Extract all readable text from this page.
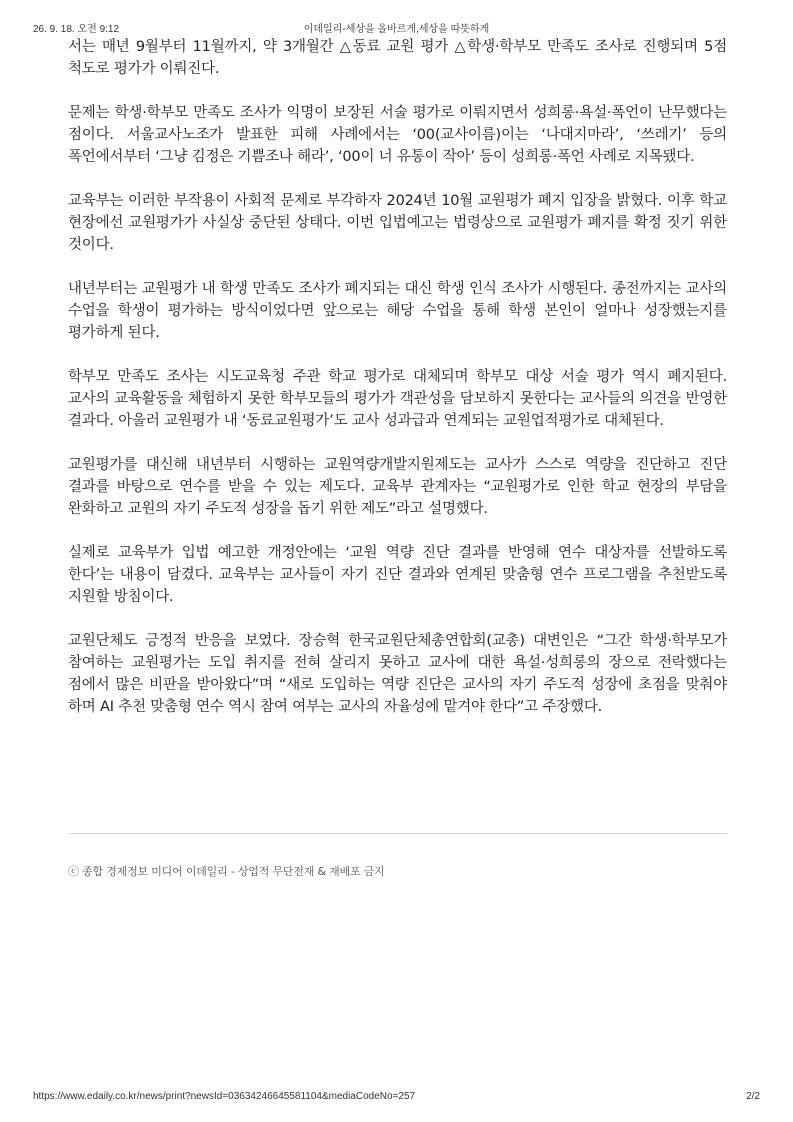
26. 9. 18. 오전 9:12	이데일리-세상을 올바르게,세상을 따뜻하게

서는 매년 9월부터 11월까지, 약 3개월간 △동료 교원 평가 △학생·학부모 만족도 조사로 진행되며 5점 척도로 평가가 이뤄진다.

문제는 학생·학부모 만족도 조사가 익명이 보장된 서술 평가로 이뤄지면서 성희롱·욕설·폭언이 난무했다는 점이다. 서울교사노조가 발표한 피해 사례에서는 ‘00(교사이름)이는 ‘나대지마라’, ‘쓰레기’ 등의 폭언에서부터 ‘그냥 김정은 기쁨조나 해라’, ‘00이 너 유통이 작아’ 등이 성희롱·폭언 사례로 지목됐다.

교육부는 이러한 부작용이 사회적 문제로 부각하자 2024년 10월 교원평가 폐지 입장을 밝혔다. 이후 학교 현장에선 교원평가가 사실상 중단된 상태다. 이번 입법예고는 법령상으로 교원평가 폐지를 확정 짓기 위한 것이다.

내년부터는 교원평가 내 학생 만족도 조사가 폐지되는 대신 학생 인식 조사가 시행된다. 종전까지는 교사의 수업을 학생이 평가하는 방식이었다면 앞으로는 해당 수업을 통해 학생 본인이 얼마나 성장했는지를 평가하게 된다.

학부모 만족도 조사는 시도교육청 주관 학교 평가로 대체되며 학부모 대상 서술 평가 역시 폐지된다. 교사의 교육활동을 체험하지 못한 학부모들의 평가가 객관성을 담보하지 못한다는 교사들의 의견을 반영한 결과다. 아울러 교원평가 내 ‘동료교원평가’도 교사 성과급과 연계되는 교원업적평가로 대체된다.

교원평가를 대신해 내년부터 시행하는 교원역량개발지원제도는 교사가 스스로 역량을 진단하고 진단 결과를 바탕으로 연수를 받을 수 있는 제도다. 교육부 관계자는 “교원평가로 인한 학교 현장의 부담을 완화하고 교원의 자기 주도적 성장을 돕기 위한 제도”라고 설명했다.

실제로 교육부가 입법 예고한 개정안에는 ‘교원 역량 진단 결과를 반영해 연수 대상자를 선발하도록 한다’는 내용이 담겼다. 교육부는 교사들이 자기 진단 결과와 연계된 맞춤형 연수 프로그램을 추천받도록 지원할 방침이다.

교원단체도 긍정적 반응을 보였다. 장승혁 한국교원단체총연합회(교총) 대변인은 “그간 학생·학부모가 참여하는 교원평가는 도입 취지를 전혀 살리지 못하고 교사에 대한 욕설·성희롱의 장으로 전락했다는 점에서 많은 비판을 받아왔다”며 “새로 도입하는 역량 진단은 교사의 자기 주도적 성장에 초점을 맞춰야 하며 AI 추천 맞춤형 연수 역시 참여 여부는 교사의 자율성에 맡겨야 한다”고 주장했다.

ⓒ 종합 경제정보 미디어 이데일리 - 상업적 무단전재 & 재배포 금지
https://www.edaily.co.kr/news/print?newsId=03634246645581104&mediaCodeNo=257	2/2
